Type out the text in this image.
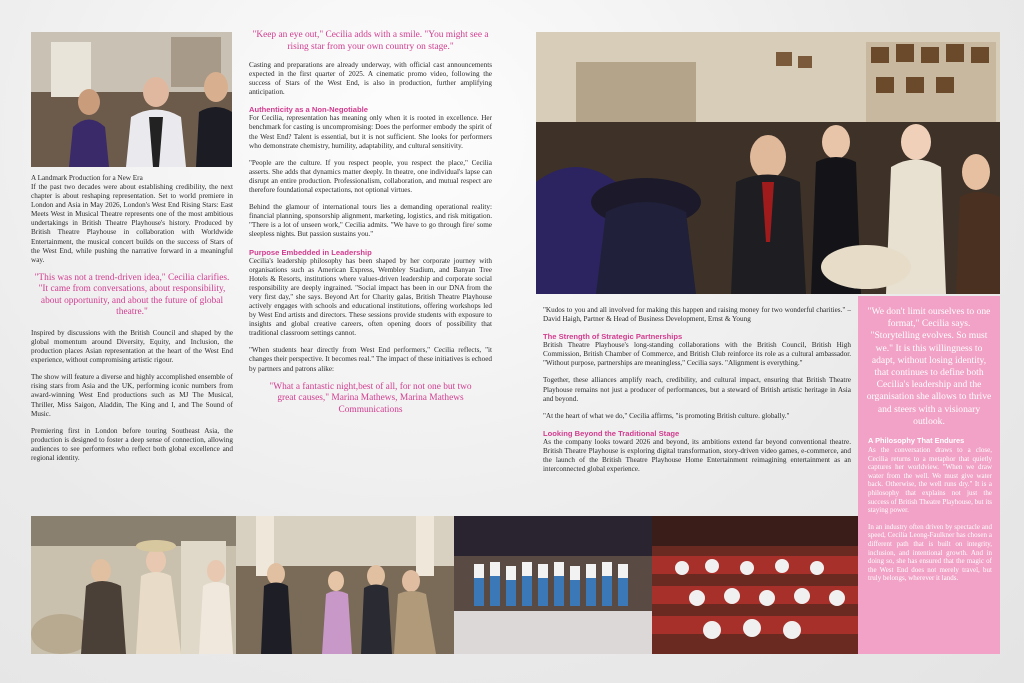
A Landmark Production for a New Era

If the past two decades were about establishing credibility, the next chapter is about reshaping representation. Set to world premiere in London and Asia in May 2026, London's West End Rising Stars: East Meets West in Musical Theatre represents one of the most ambitious undertakings in British Theatre Playhouse's history. Produced by British Theatre Playhouse in collaboration with Worldwide Entertainment, the musical concert builds on the success of Stars of the West End, while pushing the narrative forward in a meaningful way.

"This was not a trend-driven idea," Cecilia clarifies. "It came from conversations, about responsibility, about opportunity, and about the future of global theatre."

Inspired by discussions with the British Council and shaped by the global momentum around Diversity, Equity, and Inclusion, the production places Asian representation at the heart of the West End experience, without compromising artistic rigour.

The show will feature a diverse and highly accomplished ensemble of rising stars from Asia and the UK, performing iconic numbers from award-winning West End productions such as MJ The Musical, Thriller, Miss Saigon, Aladdin, The King and I, and The Sound of Music.

Premiering first in London before touring Southeast Asia, the production is designed to foster a deep sense of connection, allowing audiences to see performers who reflect both global excellence and regional identity.

"Keep an eye out," Cecilia adds with a smile. "You might see a rising star from your own country on stage."

Casting and preparations are already underway, with official cast announcements expected in the first quarter of 2025. A cinematic promo video, following the success of Stars of the West End, is also in production, further amplifying anticipation.

Authenticity as a Non-Negotiable

For Cecilia, representation has meaning only when it is rooted in excellence. Her benchmark for casting is uncompromising: Does the performer embody the spirit of the West End? Talent is essential, but it is not sufficient. She looks for performers who demonstrate chemistry, humility, adaptability, and cultural sensitivity.

"People are the culture. If you respect people, you respect the place," Cecilia asserts. She adds that dynamics matter deeply. In theatre, one individual's lapse can disrupt an entire production. Professionalism, collaboration, and mutual respect are therefore foundational expectations, not optional virtues.

Behind the glamour of international tours lies a demanding operational reality: financial planning, sponsorship alignment, marketing, logistics, and risk mitigation. "There is a lot of unseen work," Cecilia admits. "We have to go through fire/ some sleepless nights. But passion sustains you."

Purpose Embedded in Leadership

Cecilia's leadership philosophy has been shaped by her corporate journey with organisations such as American Express, Wembley Stadium, and Banyan Tree Hotels & Resorts, institutions where values-driven leadership and corporate social responsibility are deeply ingrained. "Social impact has been in our DNA from the very first day," she says. Beyond Art for Charity galas, British Theatre Playhouse actively engages with schools and educational institutions, offering workshops led by West End artists and directors. These sessions provide students with exposure to insights and global creative careers, often opening doors of possibility that traditional classroom settings cannot.

"When students hear directly from West End performers," Cecilia reflects, "it changes their perspective. It becomes real." The impact of these initiatives is echoed by partners and patrons alike:

"What a fantastic night,best of all, for not one but two great causes," Marina Mathews, Marina Mathews Communications

"Kudos to you and all involved for making this happen and raising money for two wonderful charities." – David Haigh, Partner & Head of Business Development, Ernst & Young

The Strength of Strategic Partnerships

British Theatre Playhouse's long-standing collaborations with the British Council, British High Commission, British Chamber of Commerce, and British Club reinforce its role as a cultural ambassador. "Without purpose, partnerships are meaningless," Cecilia says. "Alignment is everything."

Together, these alliances amplify reach, credibility, and cultural impact, ensuring that British Theatre Playhouse remains not just a producer of performances, but a steward of British artistic heritage in Asia and beyond.

"At the heart of what we do," Cecilia affirms, "is promoting British culture. globally."

Looking Beyond the Traditional Stage

As the company looks toward 2026 and beyond, its ambitions extend far beyond conventional theatre. British Theatre Playhouse is exploring digital transformation, story-driven video games, e-commerce, and the launch of the British Theatre Playhouse Home Entertainment reimagining entertainment as an interconnected global experience.

"We don't limit ourselves to one format," Cecilia says. "Storytelling evolves. So must we." It is this willingness to adapt, without losing identity, that continues to define both Cecilia's leadership and the organisation she allows to thrive and steers with a visionary outlook.
A Philosophy That Endures

As the conversation draws to a close, Cecilia returns to a metaphor that quietly captures her worldview. "When we draw water from the well. We must give water back. Otherwise, the well runs dry." It is a philosophy that explains not just the success of British Theatre Playhouse, but its staying power.

In an industry often driven by spectacle and speed, Cecilia Leong-Faulkner has chosen a different path that is built on integrity, inclusion, and intentional growth. And in doing so, she has ensured that the magic of the West End does not merely travel, but truly belongs, wherever it lands.
